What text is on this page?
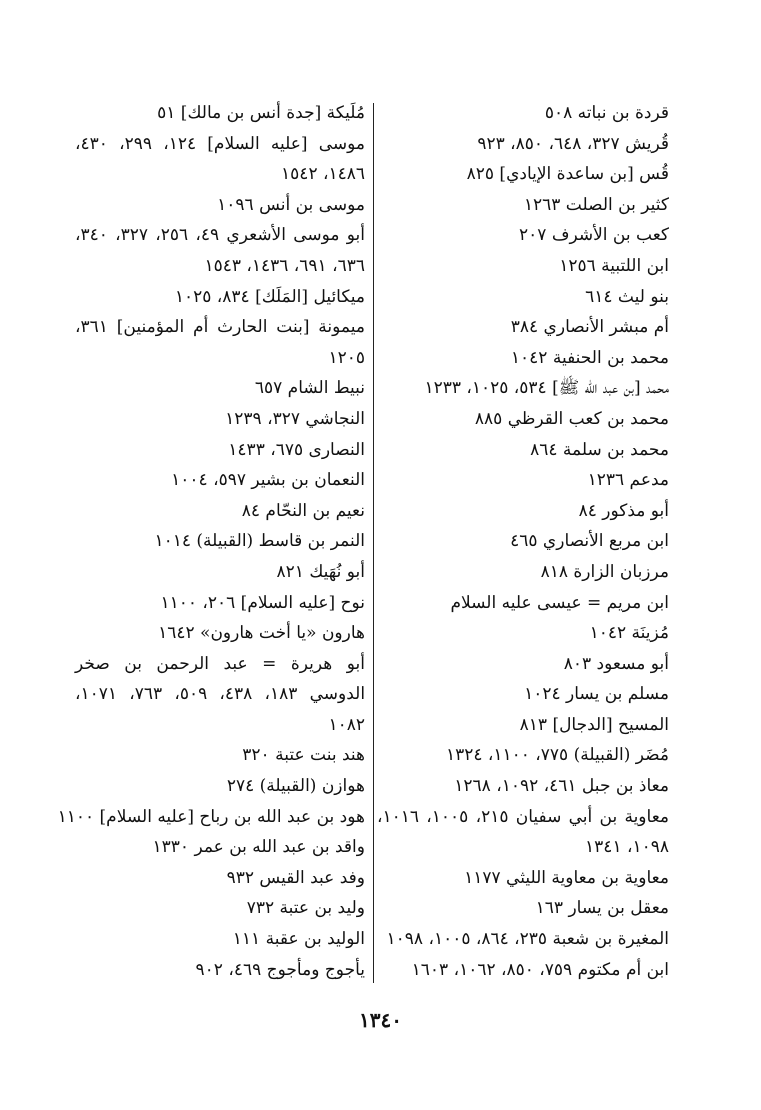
قردة بن نباته ٥٠٨

قُريش ٣٢٧، ٦٤٨، ٨٥٠، ٩٢٣

قُس [بن ساعدة الإيادي] ٨٢٥

كثير بن الصلت ١٢٦٣

كعب بن الأشرف ٢٠٧

ابن اللتبية ١٢٥٦

بنو ليث ٦١٤

أم مبشر الأنصاري ٣٨٤

محمد بن الحنفية ١٠٤٢

محمد [بن عبد الله ﷺ] ٥٣٤، ١٠٢٥، ١٢٣٣

محمد بن كعب القرظي ٨٨٥

محمد بن سلمة ٨٦٤

مدعم ١٢٣٦

أبو مذكور ٨٤

ابن مربع الأنصاري ٤٦٥

مرزبان الزارة ٨١٨

ابن مريم = عيسى عليه السلام

مُزينَة ١٠٤٢

أبو مسعود ٨٠٣

مسلم بن يسار ١٠٢٤

المسيح [الدجال] ٨١٣

مُضَر (القبيلة) ٧٧٥، ١١٠٠، ١٣٢٤

معاذ بن جبل ٤٦١، ١٠٩٢، ١٢٦٨

معاوية بن أبي سفيان ٢١٥، ١٠٠٥، ١٠١٦، ١٠٩٨، ١٣٤١

معاوية بن معاوية الليثي ١١٧٧

معقل بن يسار ١٦٣

المغيرة بن شعبة ٢٣٥، ٨٦٤، ١٠٠٥، ١٠٩٨

ابن أم مكتوم ٧٥٩، ٨٥٠، ١٠٦٢، ١٦٠٣

مُلَيكة [جدة أنس بن مالك] ٥١

موسى [عليه السلام] ١٢٤، ٢٩٩، ٤٣٠، ١٤٨٦، ١٥٤٢

موسى بن أنس ١٠٩٦

أبو موسى الأشعري ٤٩، ٢٥٦، ٣٢٧، ٣٤٠، ٦٣٦، ٦٩١، ١٤٣٦، ١٥٤٣

ميكائيل [المَلَك] ٨٣٤، ١٠٢٥

ميمونة [بنت الحارث أم المؤمنين] ٣٦١، ١٢٠٥

نبيط الشام ٦٥٧

النجاشي ٣٢٧، ١٢٣٩

النصارى ٦٧٥، ١٤٣٣

النعمان بن بشير ٥٩٧، ١٠٠٤

نعيم بن النحّام ٨٤

النمر بن قاسط (القبيلة) ١٠١٤

أبو نُهَيك ٨٢١

نوح [عليه السلام] ٢٠٦، ١١٠٠

هارون «يا أخت هارون» ١٦٤٢

أبو هريرة = عبد الرحمن بن صخر الدوسي ١٨٣، ٤٣٨، ٥٠٩، ٧٦٣، ١٠٧١، ١٠٨٢

هند بنت عتبة ٣٢٠

هوازن (القبيلة) ٢٧٤

هود بن عبد الله بن رباح [عليه السلام] ١١٠٠

واقد بن عبد الله بن عمر ١٣٣٠

وفد عبد القيس ٩٣٢

وليد بن عتبة ٧٣٢

الوليد بن عقبة ١١١

يأجوج ومأجوج ٤٦٩، ٩٠٢

١٣٤٠
